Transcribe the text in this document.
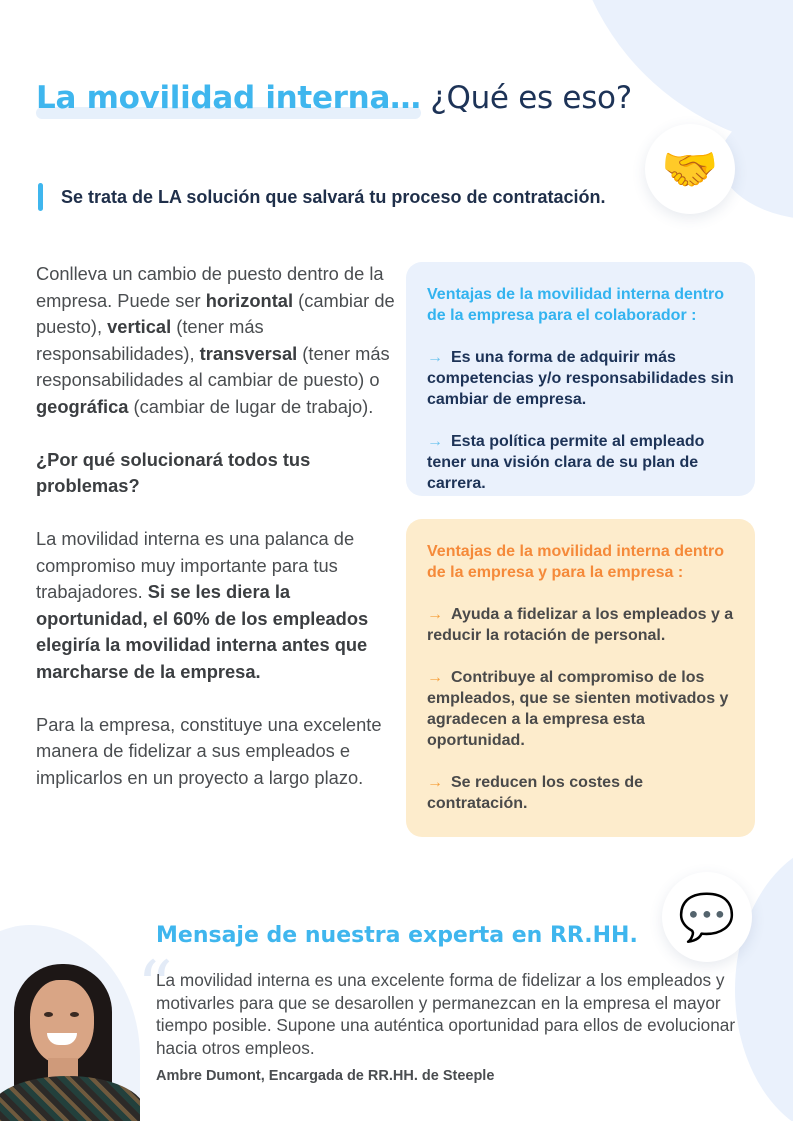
La movilidad interna… ¿Qué es eso?
🤝
Se trata de LA solución que salvará tu proceso de contratación.

Conlleva un cambio de puesto dentro de la empresa. Puede ser horizontal (cambiar de puesto), vertical (tener más responsabilidades), transversal (tener más responsabilidades al cambiar de puesto) o geográfica (cambiar de lugar de trabajo).

¿Por qué solucionará todos tus problemas?

La movilidad interna es una palanca de compromiso muy importante para tus trabajadores. Si se les diera la oportunidad, el 60% de los empleados elegiría la movilidad interna antes que marcharse de la empresa.

Para la empresa, constituye una excelente manera de fidelizar a sus empleados e implicarlos en un proyecto a largo plazo.

Ventajas de la movilidad interna dentro de la empresa para el colaborador :
→ Es una forma de adquirir más competencias y/o responsabilidades sin cambiar de empresa.
→ Esta política permite al empleado tener una visión clara de su plan de carrera.
Ventajas de la movilidad interna dentro de la empresa y para la empresa :
→ Ayuda a fidelizar a los empleados y a reducir la rotación de personal.
→ Contribuye al compromiso de los empleados, que se sienten motivados y agradecen a la empresa esta oportunidad.
→ Se reducen los costes de contratación.
💬
Mensaje de nuestra experta en RR.HH.
“

La movilidad interna es una excelente forma de fidelizar a los empleados y motivarles para que se desarollen y permanezcan en la empresa el mayor tiempo posible. Supone una auténtica oportunidad para ellos de evolucionar hacia otros empleos.

Ambre Dumont, Encargada de RR.HH. de Steeple
